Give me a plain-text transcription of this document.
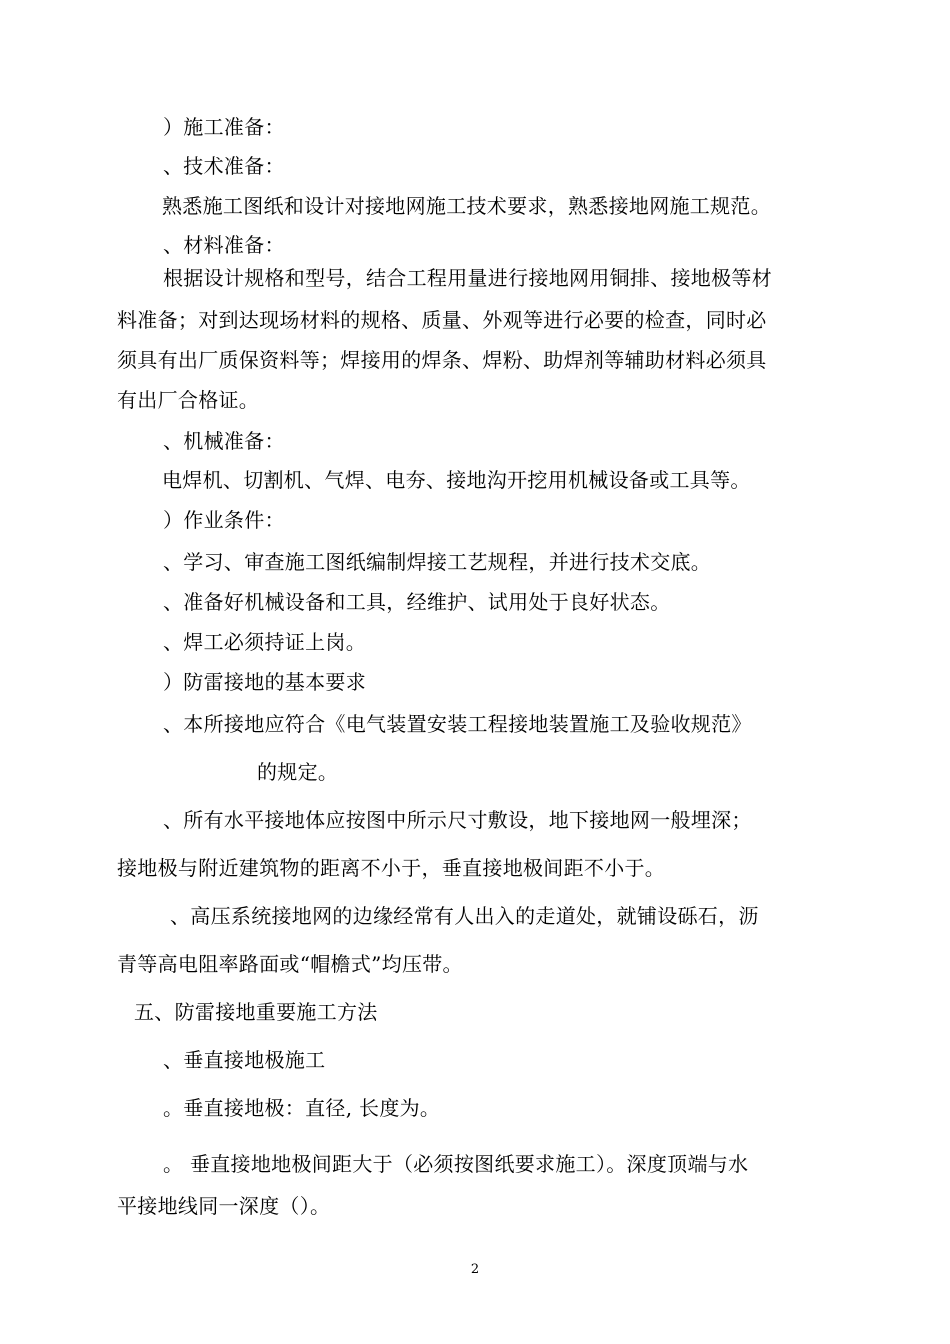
）施工准备：

、技术准备：

熟悉施工图纸和设计对接地网施工技术要求，熟悉接地网施工规范。

、材料准备：

根据设计规格和型号，结合工程用量进行接地网用铜排、接地极等材

料准备；对到达现场材料的规格、质量、外观等进行必要的检查，同时必

须具有出厂质保资料等；焊接用的焊条、焊粉、助焊剂等辅助材料必须具

有出厂合格证。

、机械准备：

电焊机、切割机、气焊、电夯、接地沟开挖用机械设备或工具等。

）作业条件：

、学习、审查施工图纸编制焊接工艺规程，并进行技术交底。

、准备好机械设备和工具，经维护、试用处于良好状态。

、焊工必须持证上岗。

）防雷接地的基本要求

、本所接地应符合《电气装置安装工程接地装置施工及验收规范》

的规定。

、所有水平接地体应按图中所示尺寸敷设，地下接地网一般埋深；

接地极与附近建筑物的距离不小于，垂直接地极间距不小于。

、高压系统接地网的边缘经常有人出入的走道处，就铺设砾石，沥

青等高电阻率路面或“帽檐式”均压带。

五、防雷接地重要施工方法

、垂直接地极施工

。垂直接地极：直径, 长度为。

。 垂直接地地极间距大于（必须按图纸要求施工）。深度顶端与水

平接地线同一深度（）。

2
